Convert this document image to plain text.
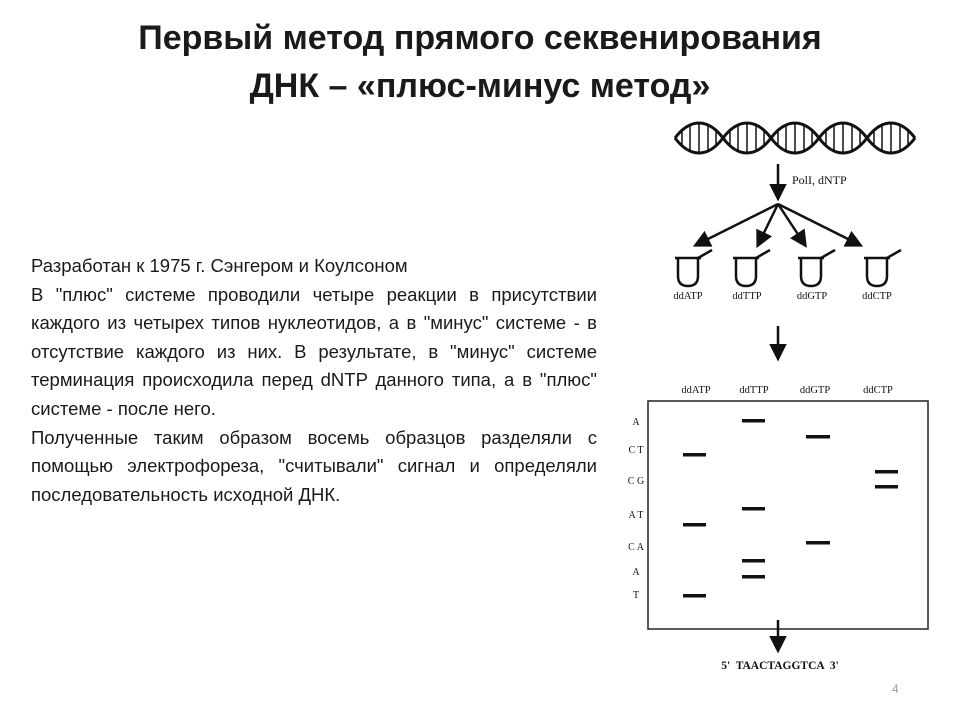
Первый метод прямого секвенирования
ДНК – «плюс-минус метод»

Разработан к 1975 г. Сэнгером и Коулсоном

В "плюс" системе проводили четыре реакции в присутствии каждого из четырех типов нуклеотидов, а в "минус" системе - в отсутствие каждого из них. В результате, в "минус" системе терминация происходила перед dNTP данного типа, а в "плюс" системе - после него.

Полученные таким образом восемь образцов разделяли с помощью электрофореза, "считывали" сигнал и определяли последовательность исходной ДНК.

PolI, dNTP
ddATP	ddTTP	ddGTP	ddCTP
ddATP	ddTTP	ddGTP	ddCTP
A
C T
C G
A T
C A
A
T
5'  TAACTAGGTCA  3'
4
